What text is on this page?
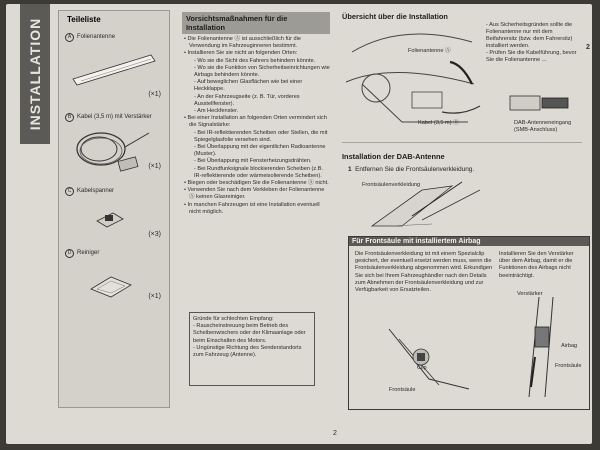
INSTALLATION	Teileliste
A Folienantenne
(×1)
B Kabel (3,5 m) mit Verstärker
(×1)
C Kabelspanner
(×3)
D Reiniger
(×1)
Vorsichtsmaßnahmen für die Installation
• Die Folienantenne Ⓐ ist ausschließlich für die Verwendung im Fahrzeuginneren bestimmt.
• Installieren Sie sie nicht an folgenden Orten:
- Wo sie die Sicht des Fahrers behindern könnte.
- Wo sie die Funktion von Sicherheitseinrichtungen wie Airbags behindern könnte.
- Auf beweglichen Glasflächen wie bei einer Heckklappe.
- An der Fahrzeugseite (z. B. Tür, vorderes Ausstellfenster).
- Am Heckfenster.
• Bei einer Installation an folgenden Orten vermindert sich die Signalstärke:
- Bei IR-reflektierenden Scheiben oder Stellen, die mit Spiegelglasfolie versehen sind.
- Bei Überlappung mit der eigentlichen Radioantenne (Muster).
- Bei Überlappung mit Fensterheizungsdrähten.
- Bei Rundfunksignale blockierenden Scheiben (z.B. IR-reflektierende oder wärmeisolierende Scheiben).
• Biegen oder beschädigen Sie die Folienantenne Ⓐ nicht.
• Verwenden Sie nach dem Verkleben der Folienantenne Ⓐ keinen Glasreiniger.
• In manchen Fahrzeugen ist eine Installation eventuell nicht möglich.
Gründe für schlechten Empfang:
- Rauscheinstreuung beim Betrieb des Scheibenwischers oder der Klimaanlage oder beim Einschalten des Motors.
- Ungünstige Richtung des Senderstandorts zum Fahrzeug (Antenne).
Übersicht über die Installation
Folienantenne Ⓐ
Kabel (3,5 m) Ⓑ
- Aus Sicherheitsgründen sollte die Folienantenne nur mit dem Beifahrersitz (bzw. dem Fahrersitz) installiert werden.
- Prüfen Sie die Kabelführung, bevor Sie die Folienantenne ...
DAB-Antenneneingang (SMB-Anschluss)
Installation der DAB-Antenne
1 Entfernen Sie die Frontsäulenverkleidung.
Frontsäulenverkleidung
Für Frontsäule mit installiertem Airbag
Die Frontsäulenverkleidung ist mit einem Spezialclip gesichert, der eventuell ersetzt werden muss, wenn die Frontsäulenverkleidung abgenommen wird. Erkundigen Sie sich bei Ihrem Fahrzeughändler nach den Details zum Abnehmen der Frontsäulenverkleidung und zur Verfügbarkeit von Ersatzteilen.
Installieren Sie den Verstärker über dem Airbag, damit er die Funktionen des Airbags nicht beeinträchtigt.
Clip
Frontsäule
Verstärker
Airbag
Frontsäule
2
2
